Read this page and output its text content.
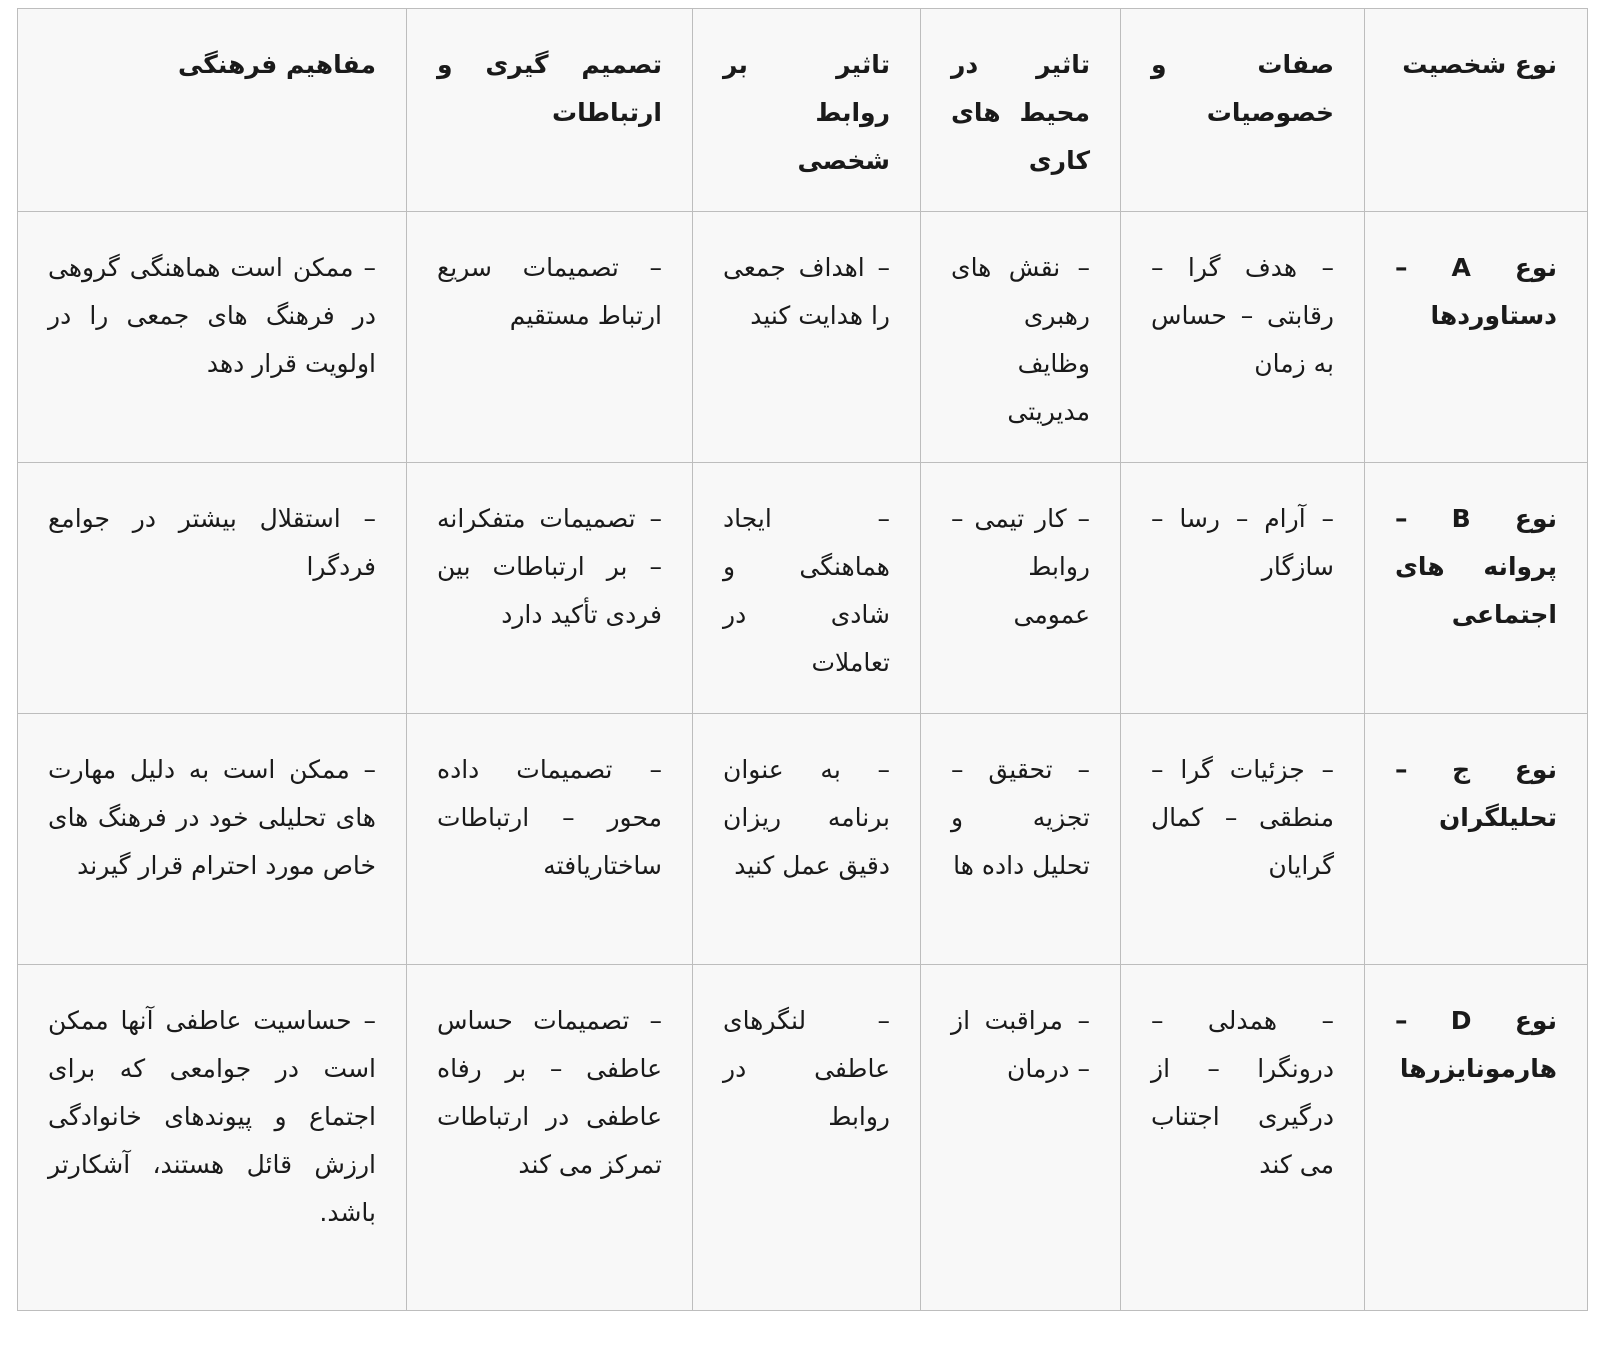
نوع شخصیت	صفات و خصوصیات	تاثیر در محیط های کاری	تاثیر بر روابط شخصی	تصمیم گیری و ارتباطات	مفاهیم فرهنگی
نوع A – دستاوردها	– هدف گرا – رقابتی – حساس به زمان	– نقش های رهبری وظایف مدیریتی	– اهداف جمعی را هدایت کنید	– تصمیمات سریع ارتباط مستقیم	– ممکن است هماهنگی گروهی در فرهنگ های جمعی را در اولویت قرار دهد
نوع B – پروانه های اجتماعی	– آرام – رسا – سازگار	– کار تیمی – روابط عمومی	– ایجاد هماهنگی و شادی در تعاملات	– تصمیمات متفکرانه – بر ارتباطات بین فردی تأکید دارد	– استقلال بیشتر در جوامع فردگرا
نوع ج – تحلیلگران	– جزئیات گرا – منطقی – کمال گرایان	– تحقیق – تجزیه و تحلیل داده ها	– به عنوان برنامه ریزان دقیق عمل کنید	– تصمیمات داده محور – ارتباطات ساختاریافته	– ممکن است به دلیل مهارت های تحلیلی خود در فرهنگ های خاص مورد احترام قرار گیرند
نوع D – هارمونایزرها	– همدلی – درونگرا – از درگیری اجتناب می کند	– مراقبت از – درمان	– لنگرهای عاطفی در روابط	– تصمیمات حساس عاطفی – بر رفاه عاطفی در ارتباطات تمرکز می کند	– حساسیت عاطفی آنها ممکن است در جوامعی که برای اجتماع و پیوندهای خانوادگی ارزش قائل هستند، آشکارتر باشد.
